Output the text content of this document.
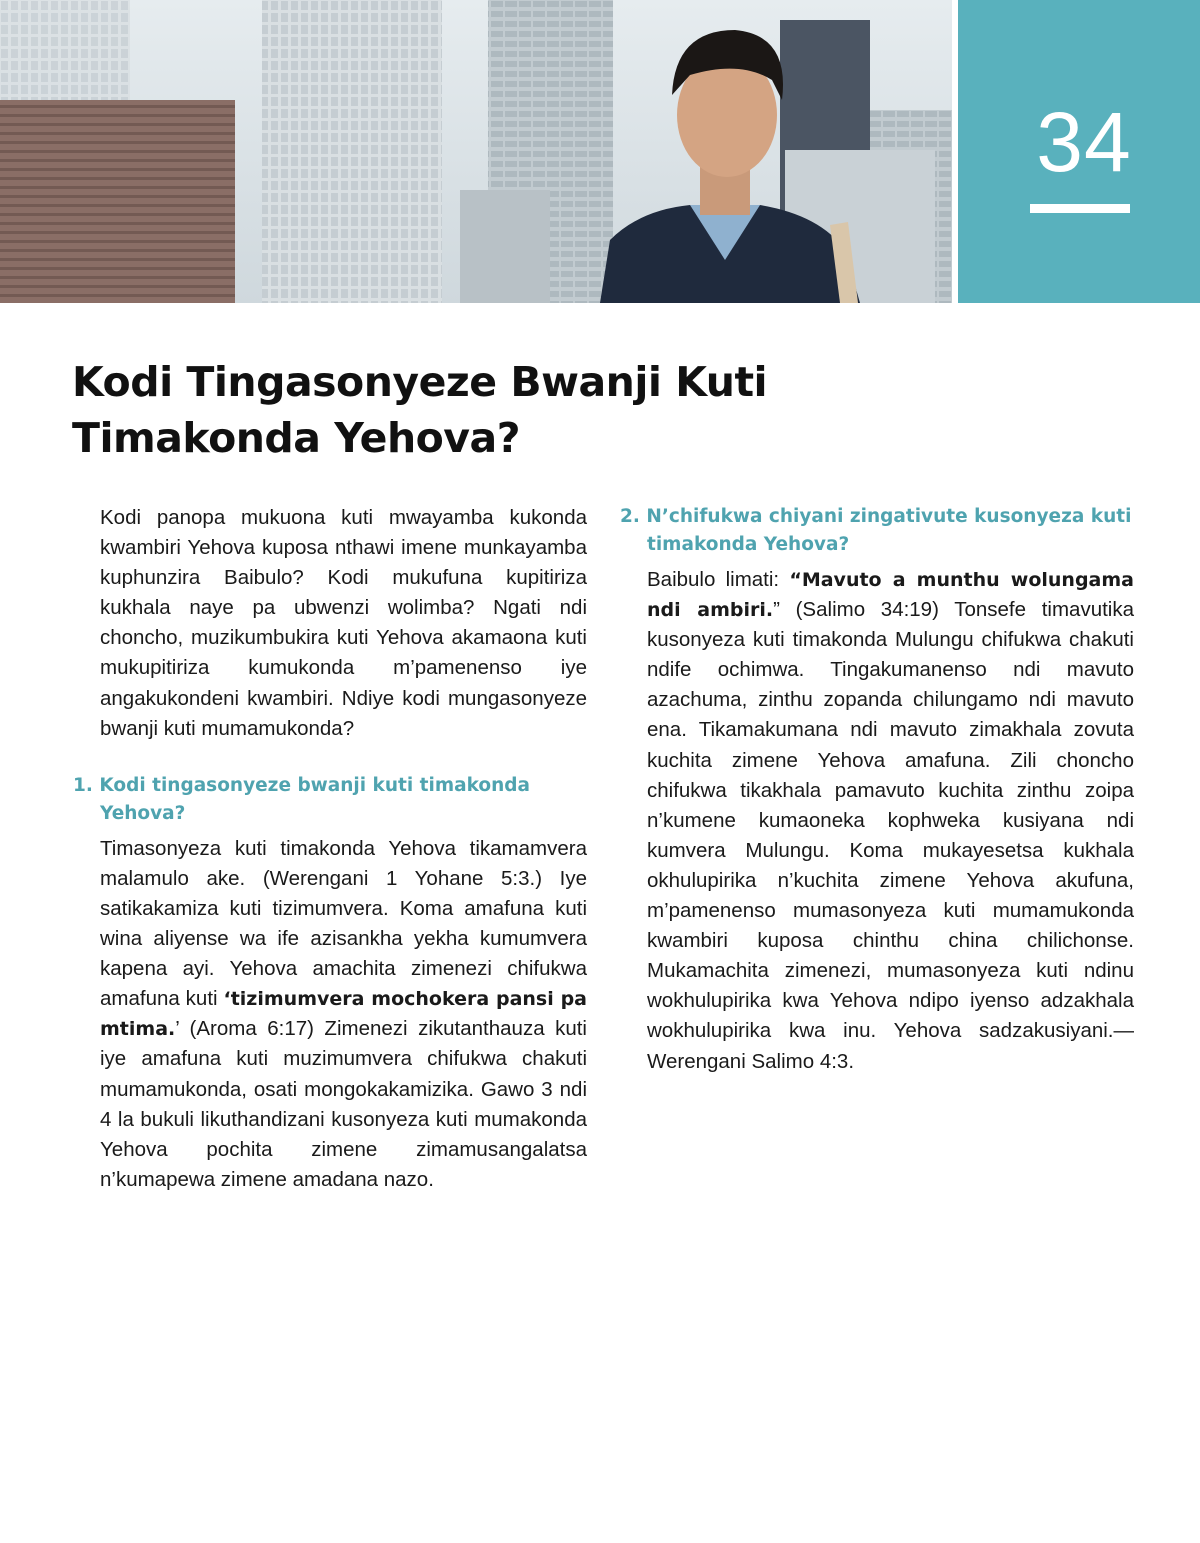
34
Kodi Tingasonyeze Bwanji Kuti Timakonda Yehova?

Kodi panopa mukuona kuti mwayamba kukonda kwambiri Yehova kuposa nthawi imene munkayamba kuphunzira Baibulo? Kodi mukufuna kupitiriza kukhala naye pa ubwenzi wolimba? Ngati ndi choncho, muzikumbukira kuti Yehova akamaona kuti mukupitiriza kumukonda m’pamenenso iye angakukondeni kwambiri. Ndiye kodi mungasonyeze bwanji kuti mumamukonda?

1. Kodi tingasonyeze bwanji kuti timakonda Yehova?

Timasonyeza kuti timakonda Yehova tikamamvera malamulo ake. (Werengani 1 Yohane 5:3.) Iye satikakamiza kuti tizimumvera. Koma amafuna kuti wina aliyense wa ife azisankha yekha kumumvera kapena ayi. Yehova amachita zimenezi chifukwa amafuna kuti ‘tizimumvera mochokera pansi pa mtima.’ (Aroma 6:17) Zimenezi zikutanthauza kuti iye amafuna kuti muzimumvera chifukwa chakuti mumamukonda, osati mongokakamizika. Gawo 3 ndi 4 la bukuli likuthandizani kusonyeza kuti mumakonda Yehova pochita zimene zimamusangalatsa n’kumapewa zimene amadana nazo.

2. N’chifukwa chiyani zingativute kusonyeza kuti timakonda Yehova?

Baibulo limati: “Mavuto a munthu wolungama ndi ambiri.” (Salimo 34:19) Tonsefe timavutika kusonyeza kuti timakonda Mulungu chifukwa chakuti ndife ochimwa. Tingakumanenso ndi mavuto azachuma, zinthu zopanda chilungamo ndi mavuto ena. Tikamakumana ndi mavuto zimakhala zovuta kuchita zimene Yehova amafuna. Zili choncho chifukwa tikakhala pamavuto kuchita zinthu zoipa n’kumene kumaoneka kophweka kusiyana ndi kumvera Mulungu. Koma mukayesetsa kukhala okhulupirika n’kuchita zimene Yehova akufuna, m’pamenenso mumasonyeza kuti mumamukonda kwambiri kuposa chinthu china chilichonse. Mukamachita zimenezi, mumasonyeza kuti ndinu wokhulupirika kwa Yehova ndipo iyenso adzakhala wokhulupirika kwa inu. Yehova sadzakusiyani.—Werengani Salimo 4:3.
